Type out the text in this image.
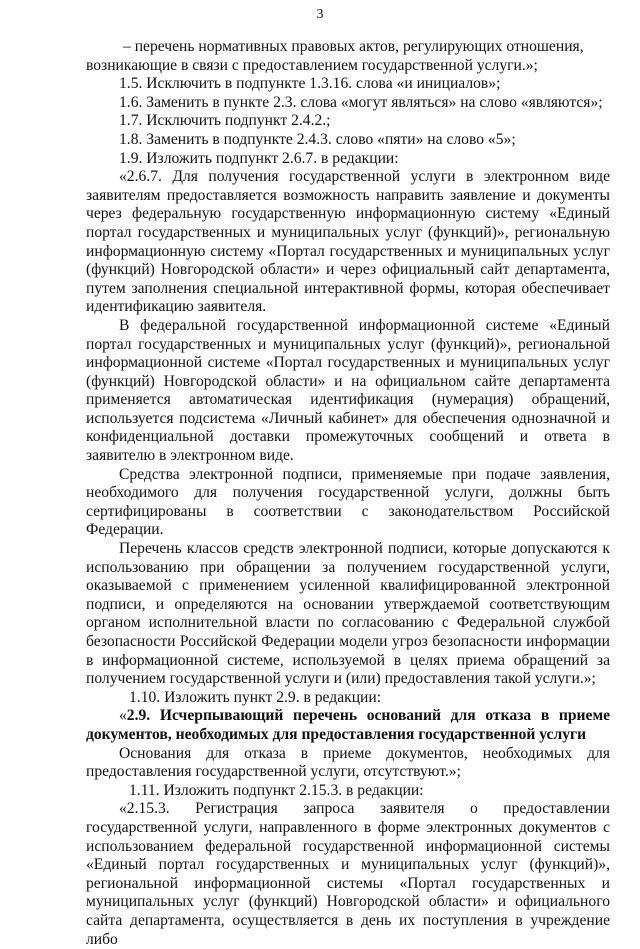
3

– перечень нормативных правовых актов, регулирующих отношения,

возникающие в связи с предоставлением государственной услуги.»;

1.5. Исключить в подпункте 1.3.16. слова «и инициалов»;

1.6. Заменить в пункте 2.3. слова «могут являться» на слово «являются»;

1.7. Исключить подпункт 2.4.2.;

1.8. Заменить в подпункте 2.4.3. слово «пяти» на слово «5»;

1.9. Изложить подпункт 2.6.7. в редакции:

«2.6.7. Для получения государственной услуги в электронном виде заявителям предоставляется возможность направить заявление и документы через федеральную государственную информационную систему «Единый портал государственных и муниципальных услуг (функций)», региональную информационную систему «Портал государственных и муниципальных услуг (функций) Новгородской области» и через официальный сайт департамента, путем заполнения специальной интерактивной формы, которая обеспечивает идентификацию заявителя.

В федеральной государственной информационной системе «Единый портал государственных и муниципальных услуг (функций)», региональной информационной системе «Портал государственных и муниципальных услуг (функций) Новгородской области» и на официальном сайте департамента применяется автоматическая идентификация (нумерация) обращений, используется подсистема «Личный кабинет» для обеспечения однозначной и конфиденциальной доставки промежуточных сообщений и ответа в заявителю в электронном виде.

Средства электронной подписи, применяемые при подаче заявления, необходимого для получения государственной услуги, должны быть сертифицированы в соответствии с законодательством Российской Федерации.

Перечень классов средств электронной подписи, которые допускаются к использованию при обращении за получением государственной услуги, оказываемой с применением усиленной квалифицированной электронной подписи, и определяются на основании утверждаемой соответствующим органом исполнительной власти по согласованию с Федеральной службой безопасности Российской Федерации модели угроз безопасности информации в информационной системе, используемой в целях приема обращений за получением государственной услуги и (или) предоставления такой услуги.»;

1.10. Изложить пункт 2.9. в редакции:

«2.9. Исчерпывающий перечень оснований для отказа в приеме документов, необходимых для предоставления государственной услуги

Основания для отказа в приеме документов, необходимых для предоставления государственной услуги, отсутствуют.»;

1.11. Изложить подпункт 2.15.3. в редакции:

«2.15.3. Регистрация запроса заявителя о предоставлении государственной услуги, направленного в форме электронных документов с использованием федеральной государственной информационной системы «Единый портал государственных и муниципальных услуг (функций)», региональной информационной системы «Портал государственных и муниципальных услуг (функций) Новгородской области» и официального сайта департамента, осуществляется в день их поступления в учреждение либо
